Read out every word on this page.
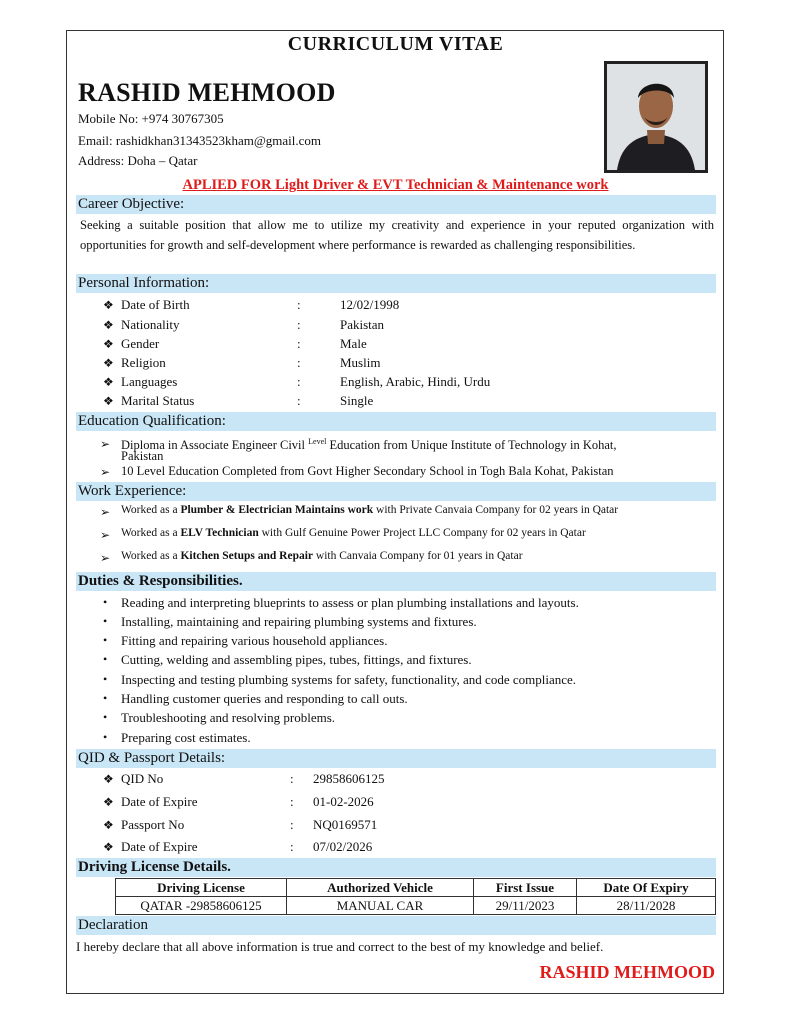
CURRICULUM VITAE
RASHID MEHMOOD
Mobile No: +974 30767305
Email: rashidkhan31343523kham@gmail.com
Address: Doha – Qatar
APLIED FOR Light Driver & EVT Technician & Maintenance work
Career Objective:
Seeking a suitable position that allow me to utilize my creativity and experience in your reputed organization with opportunities for growth and self-development where performance is rewarded as challenging responsibilities.
Personal Information:
❖ Date of Birth	:	12/02/1998
❖ Nationality	:	Pakistan
❖ Gender	:	Male
❖ Religion	:	Muslim
❖ Languages	:	English, Arabic, Hindi, Urdu
❖ Marital Status	:	Single
Education Qualification:
➢ Diploma in Associate Engineer Civil $^{Level}$ Education from Unique Institute of Technology in Kohat,
Pakistan
➢ 10 Level Education Completed from Govt Higher Secondary School in Togh Bala Kohat, Pakistan
Work Experience:
➢ Worked as a Plumber & Electrician Maintains work with Private Canvaia Company for 02 years in Qatar
➢ Worked as a ELV Technician with Gulf Genuine Power Project LLC Company for 02 years in Qatar
➢ Worked as a Kitchen Setups and Repair with Canvaia Company for 01 years in Qatar
Duties & Responsibilities.
• Reading and interpreting blueprints to assess or plan plumbing installations and layouts.
• Installing, maintaining and repairing plumbing systems and fixtures.
• Fitting and repairing various household appliances.
• Cutting, welding and assembling pipes, tubes, fittings, and fixtures.
• Inspecting and testing plumbing systems for safety, functionality, and code compliance.
• Handling customer queries and responding to call outs.
• Troubleshooting and resolving problems.
• Preparing cost estimates.
QID & Passport Details:
❖ QID No	: 29858606125
❖ Date of Expire	: 01-02-2026
❖ Passport No	: NQ0169571
❖ Date of Expire	: 07/02/2026
Driving License Details.
Driving License	Authorized Vehicle	First Issue	Date Of Expiry
QATAR -29858606125	MANUAL CAR	29/11/2023	28/11/2028
Declaration
I hereby declare that all above information is true and correct to the best of my knowledge and belief.
RASHID MEHMOOD
